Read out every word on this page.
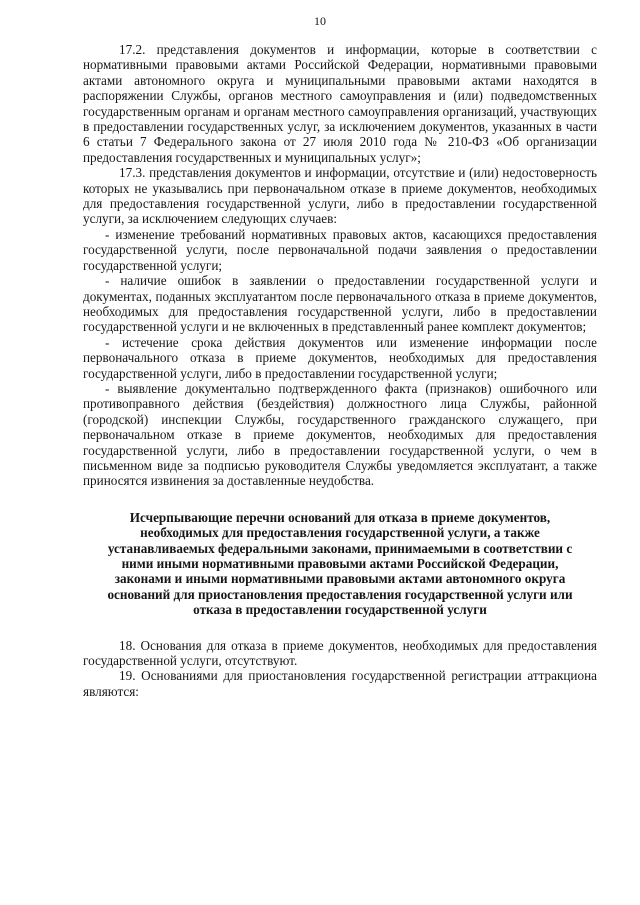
10

17.2. представления документов и информации, которые в соответствии с нормативными правовыми актами Российской Федерации, нормативными правовыми актами автономного округа и муниципальными правовыми актами находятся в распоряжении Службы, органов местного самоуправления и (или) подведомственных государственным органам и органам местного самоуправления организаций, участвующих в предоставлении государственных услуг, за исключением документов, указанных в части 6 статьи 7 Федерального закона от 27 июля 2010 года № 210-ФЗ «Об организации предоставления государственных и муниципальных услуг»;

17.3. представления документов и информации, отсутствие и (или) недостоверность которых не указывались при первоначальном отказе в приеме документов, необходимых для предоставления государственной услуги, либо в предоставлении государственной услуги, за исключением следующих случаев:

- изменение требований нормативных правовых актов, касающихся предоставления государственной услуги, после первоначальной подачи заявления о предоставлении государственной услуги;

- наличие ошибок в заявлении о предоставлении государственной услуги и документах, поданных эксплуатантом после первоначального отказа в приеме документов, необходимых для предоставления государственной услуги, либо в предоставлении государственной услуги и не включенных в представленный ранее комплект документов;

- истечение срока действия документов или изменение информации после первоначального отказа в приеме документов, необходимых для предоставления государственной услуги, либо в предоставлении государственной услуги;

- выявление документально подтвержденного факта (признаков) ошибочного или противоправного действия (бездействия) должностного лица Службы, районной (городской) инспекции Службы, государственного гражданского служащего, при первоначальном отказе в приеме документов, необходимых для предоставления государственной услуги, либо в предоставлении государственной услуги, о чем в письменном виде за подписью руководителя Службы уведомляется эксплуатант, а также приносятся извинения за доставленные неудобства.

Исчерпывающие перечни оснований для отказа в приеме документов, необходимых для предоставления государственной услуги, а также устанавливаемых федеральными законами, принимаемыми в соответствии с ними иными нормативными правовыми актами Российской Федерации, законами и иными нормативными правовыми актами автономного округа оснований для приостановления предоставления государственной услуги или отказа в предоставлении государственной услуги

18. Основания для отказа в приеме документов, необходимых для предоставления государственной услуги, отсутствуют.

19. Основаниями для приостановления государственной регистрации аттракциона являются:
